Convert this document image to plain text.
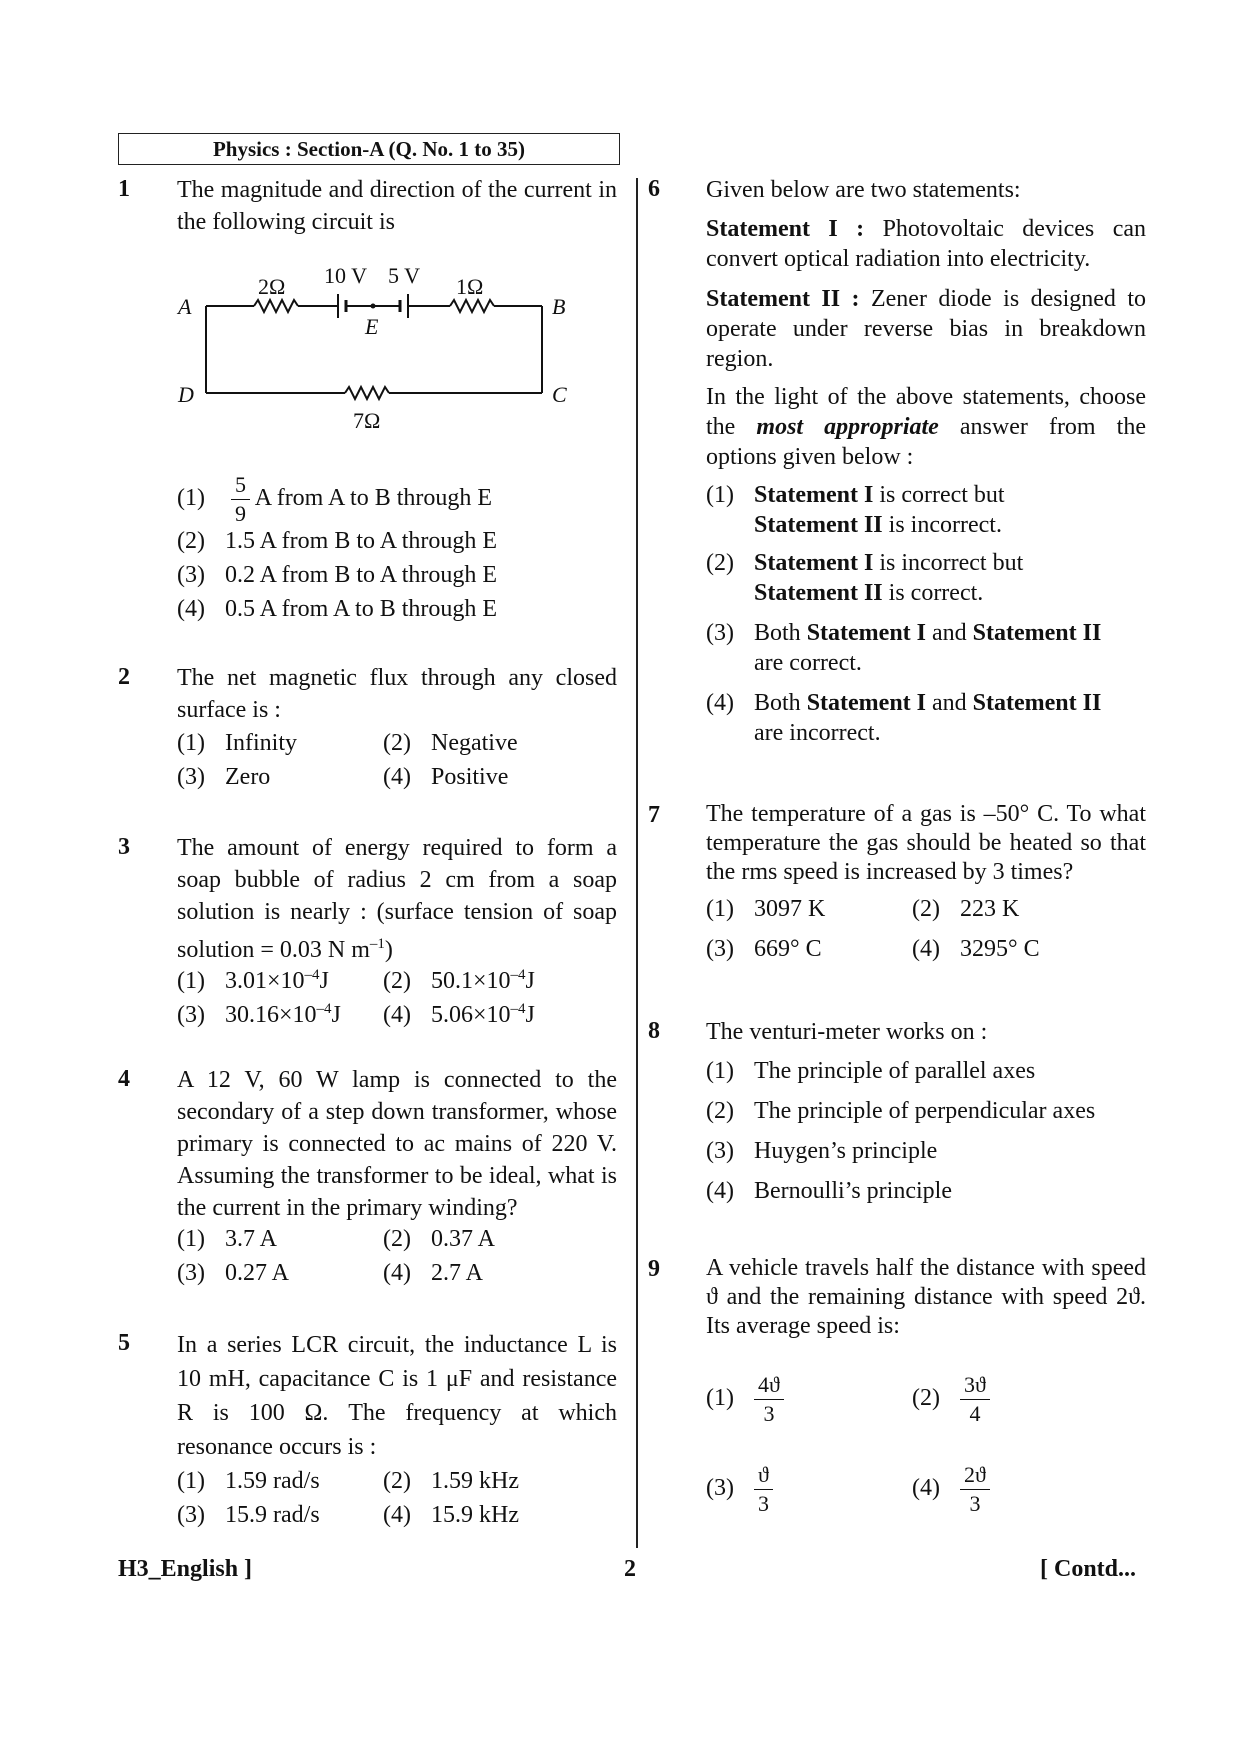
Physics : Section-A (Q. No. 1 to 35)
1 The magnitude and direction of the current in the following circuit is
A	B
C
D
E
2Ω 10 V 5 V 1Ω
7Ω
$(1) \frac{5}{9}$ A from A to B through E
(2) 1.5 A from B to A through E
(3) 0.2 A from B to A through E
(4) 0.5 A from A to B through E
2 The net magnetic flux through any closed surface is :
(1) Infinity	(2) Negative
(3) Zero	(4) Positive
3 The amount of energy required to form a soap bubble of radius 2 cm from a soap solution is nearly : (surface tension of soap solution = 0.03 N $m^{-1}$)
(1) $3.01\times 10^{-4}J$ (2) $50.1\times 10^{-4}J$
(3) $30.16\times 10^{-4}J$ (4) $5.06\times 10^{-4}J$
4 A 12 V, 60 W lamp is connected to the secondary of a step down transformer, whose primary is connected to ac mains of 220 V. Assuming the transformer to be ideal, what is the current in the primary winding?
(1) 3.7 A	(2) 0.37 A
(3) 0.27 A	(4) 2.7 A
5 In a series LCR circuit, the inductance L is 10 mH, capacitance C is 1 μF and resistance R is 100 Ω. The frequency at which resonance occurs is :
(1) 1.59 rad/s	(2) 1.59 kHz
(3) 15.9 rad/s	(4) 15.9 kHz
6 Given below are two statements:
Statement I : Photovoltaic devices can convert optical radiation into electricity.
Statement II : Zener diode is designed to operate under reverse bias in breakdown region.
In the light of the above statements, choose the most appropriate answer from the options given below :
(1) Statement I is correct but
Statement II is incorrect.
(2) Statement I is incorrect but
Statement II is correct.
(3) Both Statement I and Statement II
are correct.
(4) Both Statement I and Statement II
are incorrect.
7 The temperature of a gas is –50° C. To what temperature the gas should be heated so that the rms speed is increased by 3 times?
(1) 3097 K	(2) 223 K
(3) 669° C	(4) 3295° C
8 The venturi-meter works on :
(1) The principle of parallel axes
(2) The principle of perpendicular axes
(3) Huygen’s principle
(4) Bernoulli’s principle
9 A vehicle travels half the distance with speed ϑ and the remaining distance with speed 2ϑ. Its average speed is:
$(1) \frac{4ϑ}{3}$	$(2) \frac{3ϑ}{4}$
$(3) \frac{ϑ}{3}$	$(4) \frac{2ϑ}{3}$
H3_English ]	2	[ Contd...
